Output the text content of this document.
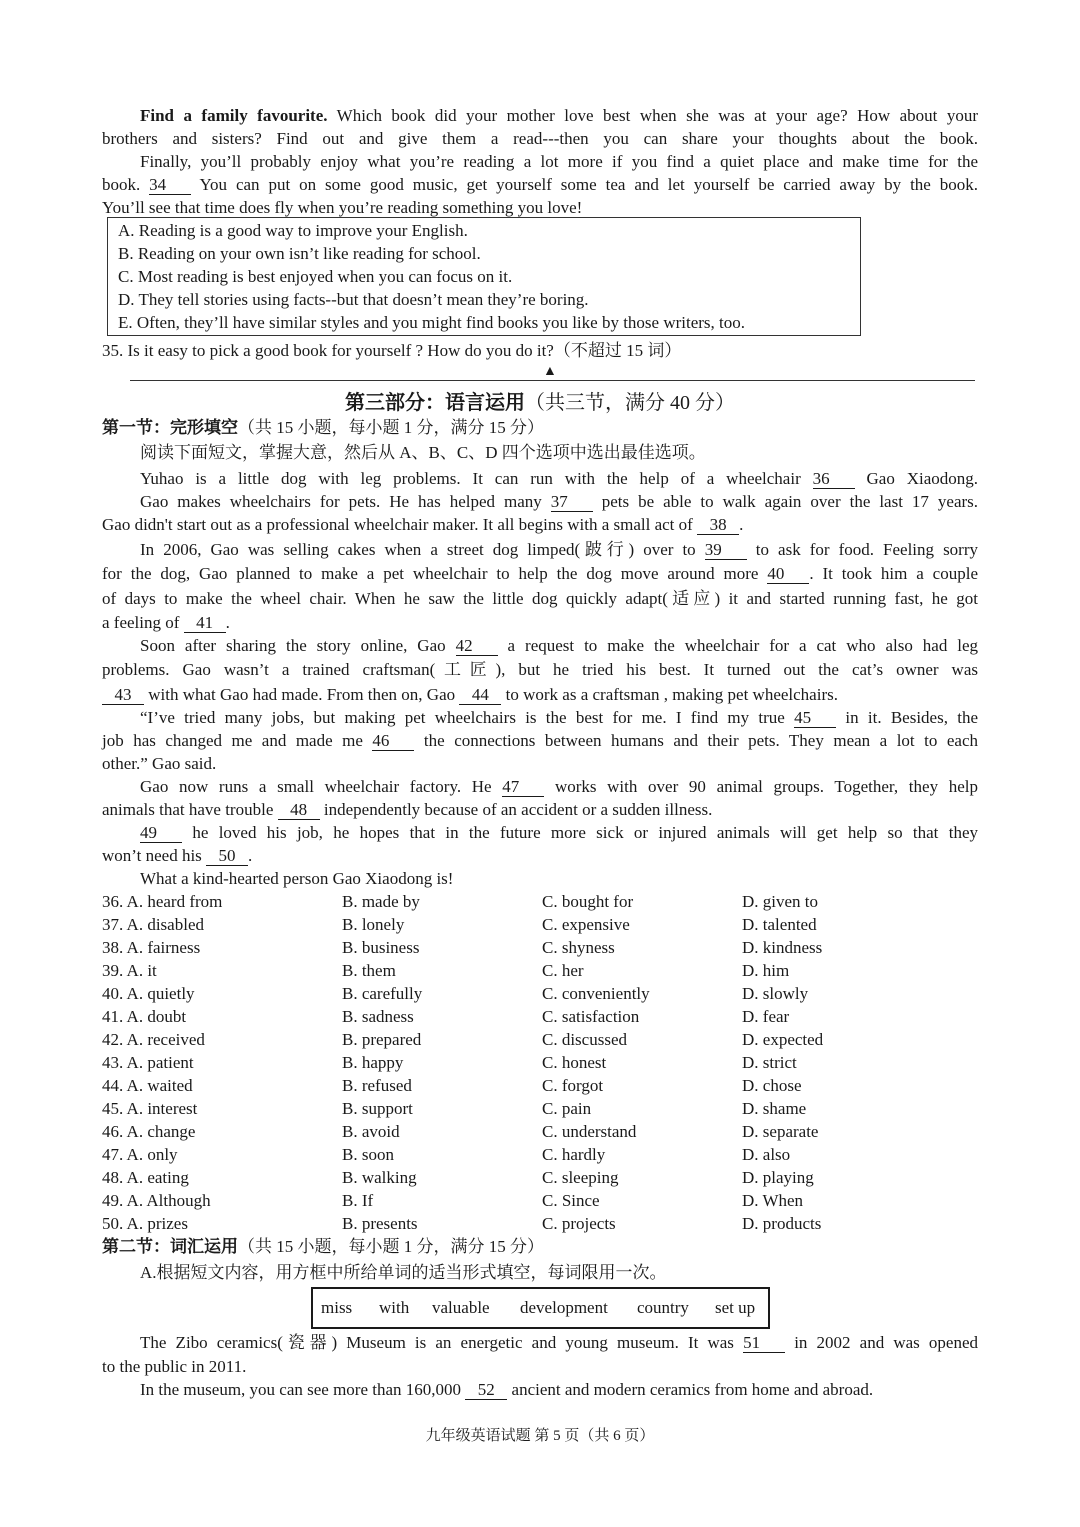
Find a family favourite. Which book did your mother love best when she was at your age? How about your
brothers and sisters? Find out and give them a read---then you can share your thoughts about the book.
Finally, you’ll probably enjoy what you’re reading a lot more if you find a quiet place and make time for the
book. 34 You can put on some good music, get yourself some tea and let yourself be carried away by the book.
You’ll see that time does fly when you’re reading something you love!
A. Reading is a good way to improve your English.
B. Reading on your own isn’t like reading for school.
C. Most reading is best enjoyed when you can focus on it.
D. They tell stories using facts--but that doesn’t mean they’re boring.
E. Often, they’ll have similar styles and you might find books you like by those writers, too.
35. Is it easy to pick a good book for yourself ? How do you do it?（不超过 15 词）
▲
第三部分：语言运用（共三节，满分 40 分）
第一节：完形填空（共 15 小题，每小题 1 分，满分 15 分）
阅读下面短文，掌握大意，然后从 A、B、C、D 四个选项中选出最佳选项。
Yuhao is a little dog with leg problems. It can run with the help of a wheelchair 36 Gao Xiaodong.
Gao makes wheelchairs for pets. He has helped many 37 pets be able to walk again over the last 17 years.
Gao didn't start out as a professional wheelchair maker. It all begins with a small act of 38 .
In 2006, Gao was selling cakes when a street dog limped(跛行) over to 39 to ask for food. Feeling sorry
for the dog, Gao planned to make a pet wheelchair to help the dog move around more 40 . It took him a couple
of days to make the wheel chair. When he saw the little dog quickly adapt(适应) it and started running fast, he got
a feeling of 41 .
Soon after sharing the story online, Gao 42 a request to make the wheelchair for a cat who also had leg
problems. Gao wasn’t a trained craftsman(工匠), but he tried his best. It turned out the cat’s owner was
43 with what Gao had made. From then on, Gao 44 to work as a craftsman , making pet wheelchairs.
“I’ve tried many jobs, but making pet wheelchairs is the best for me. I find my true 45 in it. Besides, the
job has changed me and made me 46 the connections between humans and their pets. They mean a lot to each
other.” Gao said.
Gao now runs a small wheelchair factory. He 47 works with over 90 animal groups. Together, they help
animals that have trouble 48 independently because of an accident or a sudden illness.
49 he loved his job, he hopes that in the future more sick or injured animals will get help so that they
won’t need his 50 .
What a kind-hearted person Gao Xiaodong is!
36. A. heard from	B. made by	C. bought for	D. given to
37. A. disabled	B. lonely	C. expensive	D. talented
38. A. fairness	B. business	C. shyness	D. kindness
39. A. it	B. them	C. her	D. him
40. A. quietly	B. carefully	C. conveniently	D. slowly
41. A. doubt	B. sadness	C. satisfaction	D. fear
42. A. received	B. prepared	C. discussed	D. expected
43. A. patient	B. happy	C. honest	D. strict
44. A. waited	B. refused	C. forgot	D. chose
45. A. interest	B. support	C. pain	D. shame
46. A. change	B. avoid	C. understand	D. separate
47. A. only	B. soon	C. hardly	D. also
48. A. eating	B. walking	C. sleeping	D. playing
49. A. Although	B. If	C. Since	D. When
50. A. prizes	B. presents	C. projects	D. products
第二节：词汇运用（共 15 小题，每小题 1 分，满分 15 分）
A.根据短文内容，用方框中所给单词的适当形式填空，每词限用一次。
miss with valuable development country set up
The Zibo ceramics(瓷器) Museum is an energetic and young museum. It was 51 in 2002 and was opened
to the public in 2011.
In the museum, you can see more than 160,000 52 ancient and modern ceramics from home and abroad.
九年级英语试题 第 5 页（共 6 页）
